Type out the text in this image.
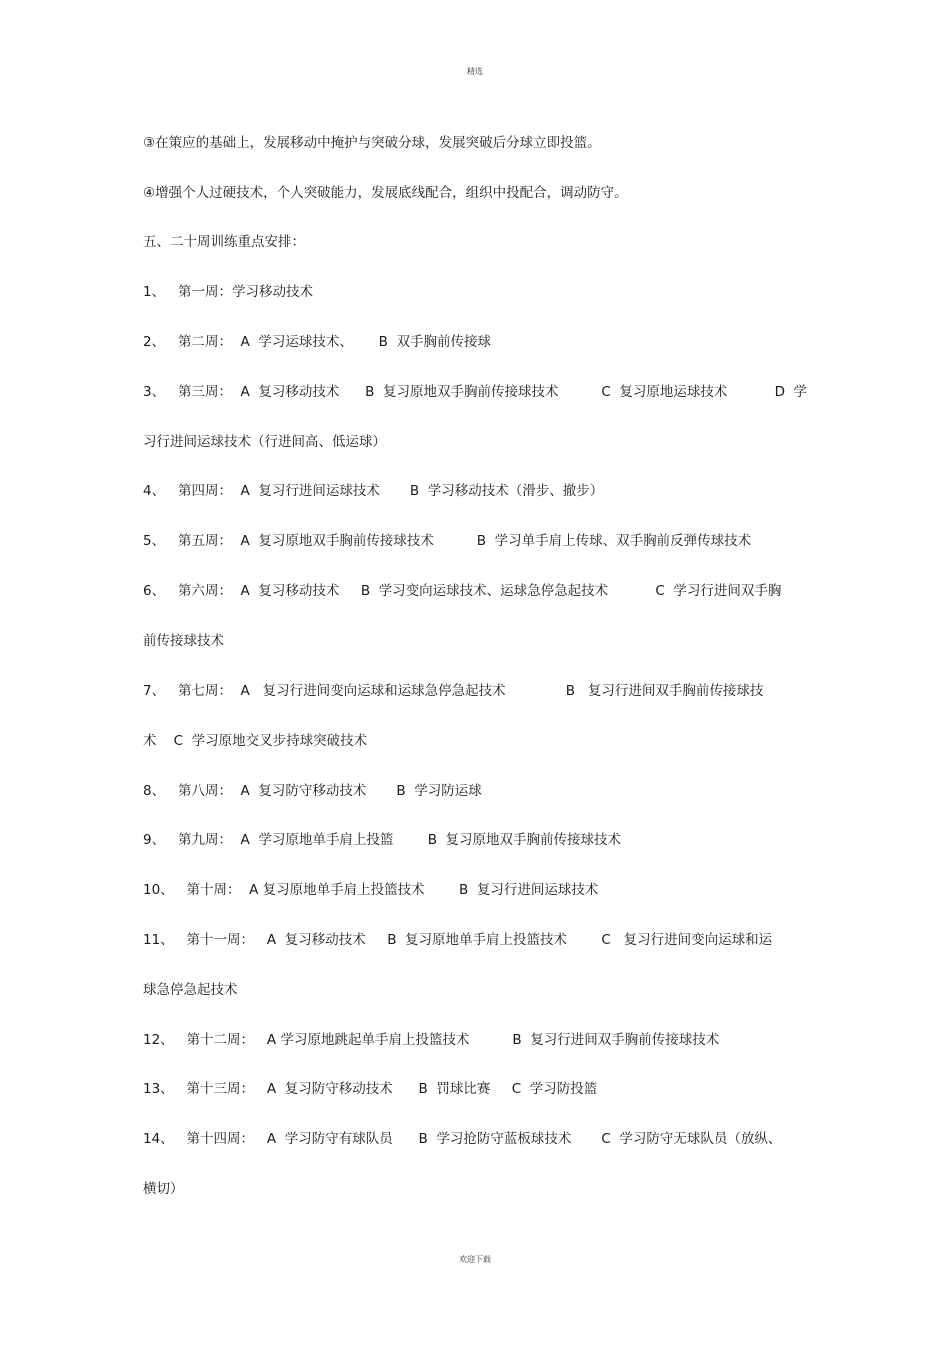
精选
③在策应的基础上，发展移动中掩护与突破分球，发展突破后分球立即投篮。
④增强个人过硬技术，个人突破能力，发展底线配合，组织中投配合，调动防守。
五、二十周训练重点安排：
1、   第一周：学习移动技术
2、   第二周：  A  学习运球技术、      B  双手胸前传接球
3、   第三周：  A  复习移动技术      B  复习原地双手胸前传接球技术          C  复习原地运球技术           D  学
习行进间运球技术（行进间高、低运球）
4、   第四周：  A  复习行进间运球技术       B  学习移动技术（滑步、撤步）
5、   第五周：  A  复习原地双手胸前传接球技术          B  学习单手肩上传球、双手胸前反弹传球技术
6、   第六周：  A  复习移动技术     B  学习变向运球技术、运球急停急起技术           C  学习行进间双手胸
前传接球技术
7、   第七周：  A   复习行进间变向运球和运球急停急起技术              B   复习行进间双手胸前传接球技
术    C  学习原地交叉步持球突破技术
8、   第八周：  A  复习防守移动技术       B  学习防运球
9、   第九周：  A  学习原地单手肩上投篮        B  复习原地双手胸前传接球技术
10、   第十周：  A 复习原地单手肩上投篮技术        B  复习行进间运球技术
11、   第十一周：   A  复习移动技术     B  复习原地单手肩上投篮技术        C   复习行进间变向运球和运
球急停急起技术
12、   第十二周：   A 学习原地跳起单手肩上投篮技术          B  复习行进间双手胸前传接球技术
13、   第十三周：   A  复习防守移动技术      B  罚球比赛     C  学习防投篮
14、   第十四周：   A  学习防守有球队员      B  学习抢防守蓝板球技术       C  学习防守无球队员（放纵、
横切）
欢迎下载
